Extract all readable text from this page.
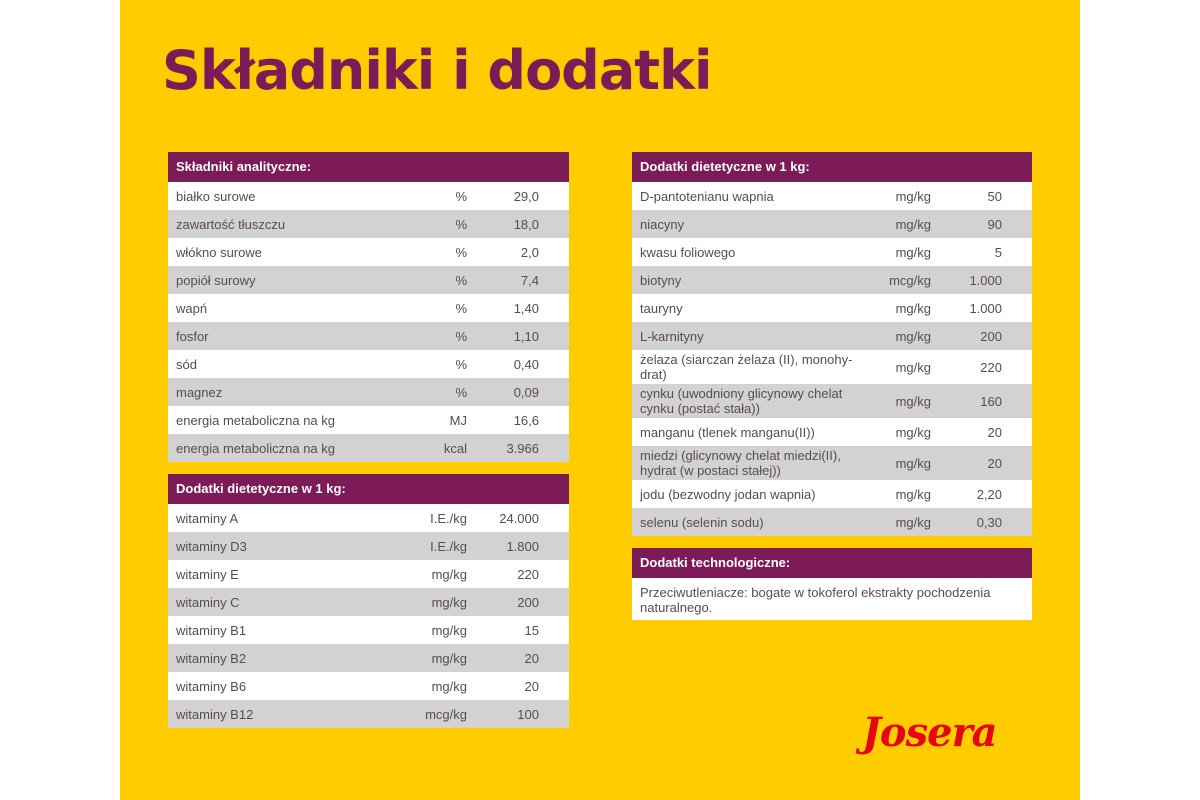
Składniki i dodatki
Składniki analityczne:
białko surowe	%	29,0
zawartość tłuszczu	%	18,0
włókno surowe	%	2,0
popiół surowy	%	7,4
wapń	%	1,40
fosfor	%	1,10
sód	%	0,40
magnez	%	0,09
energia metaboliczna na kg	MJ	16,6
energia metaboliczna na kg	kcal	3.966
Dodatki dietetyczne w 1 kg:
witaminy A	I.E./kg 24.000
witaminy D3	I.E./kg	1.800
witaminy E	mg/kg	220
witaminy C	mg/kg	200
witaminy B1	mg/kg	15
witaminy B2	mg/kg	20
witaminy B6	mg/kg	20
witaminy B12	mcg/kg	100
Dodatki dietetyczne w 1 kg:
D-pantotenianu wapnia	mg/kg	50
niacyny	mg/kg	90
kwasu foliowego	mg/kg	5
biotyny	mcg/kg	1.000
tauryny	mg/kg	1.000
L-karnityny	mg/kg	200
żelaza (siarczan żelaza (II), monohy-drat)	mg/kg	220
cynku (uwodniony glicynowy chelat cynku (postać stała))	mg/kg	160
manganu (tlenek manganu(II))	mg/kg	20
miedzi (glicynowy chelat miedzi(II), hydrat (w postaci stałej))	mg/kg	20
jodu (bezwodny jodan wapnia)	mg/kg	2,20
selenu (selenin sodu)	mg/kg	0,30
Dodatki technologiczne:
Przeciwutleniacze: bogate w tokoferol ekstrakty pochodzenia naturalnego.
Josera
